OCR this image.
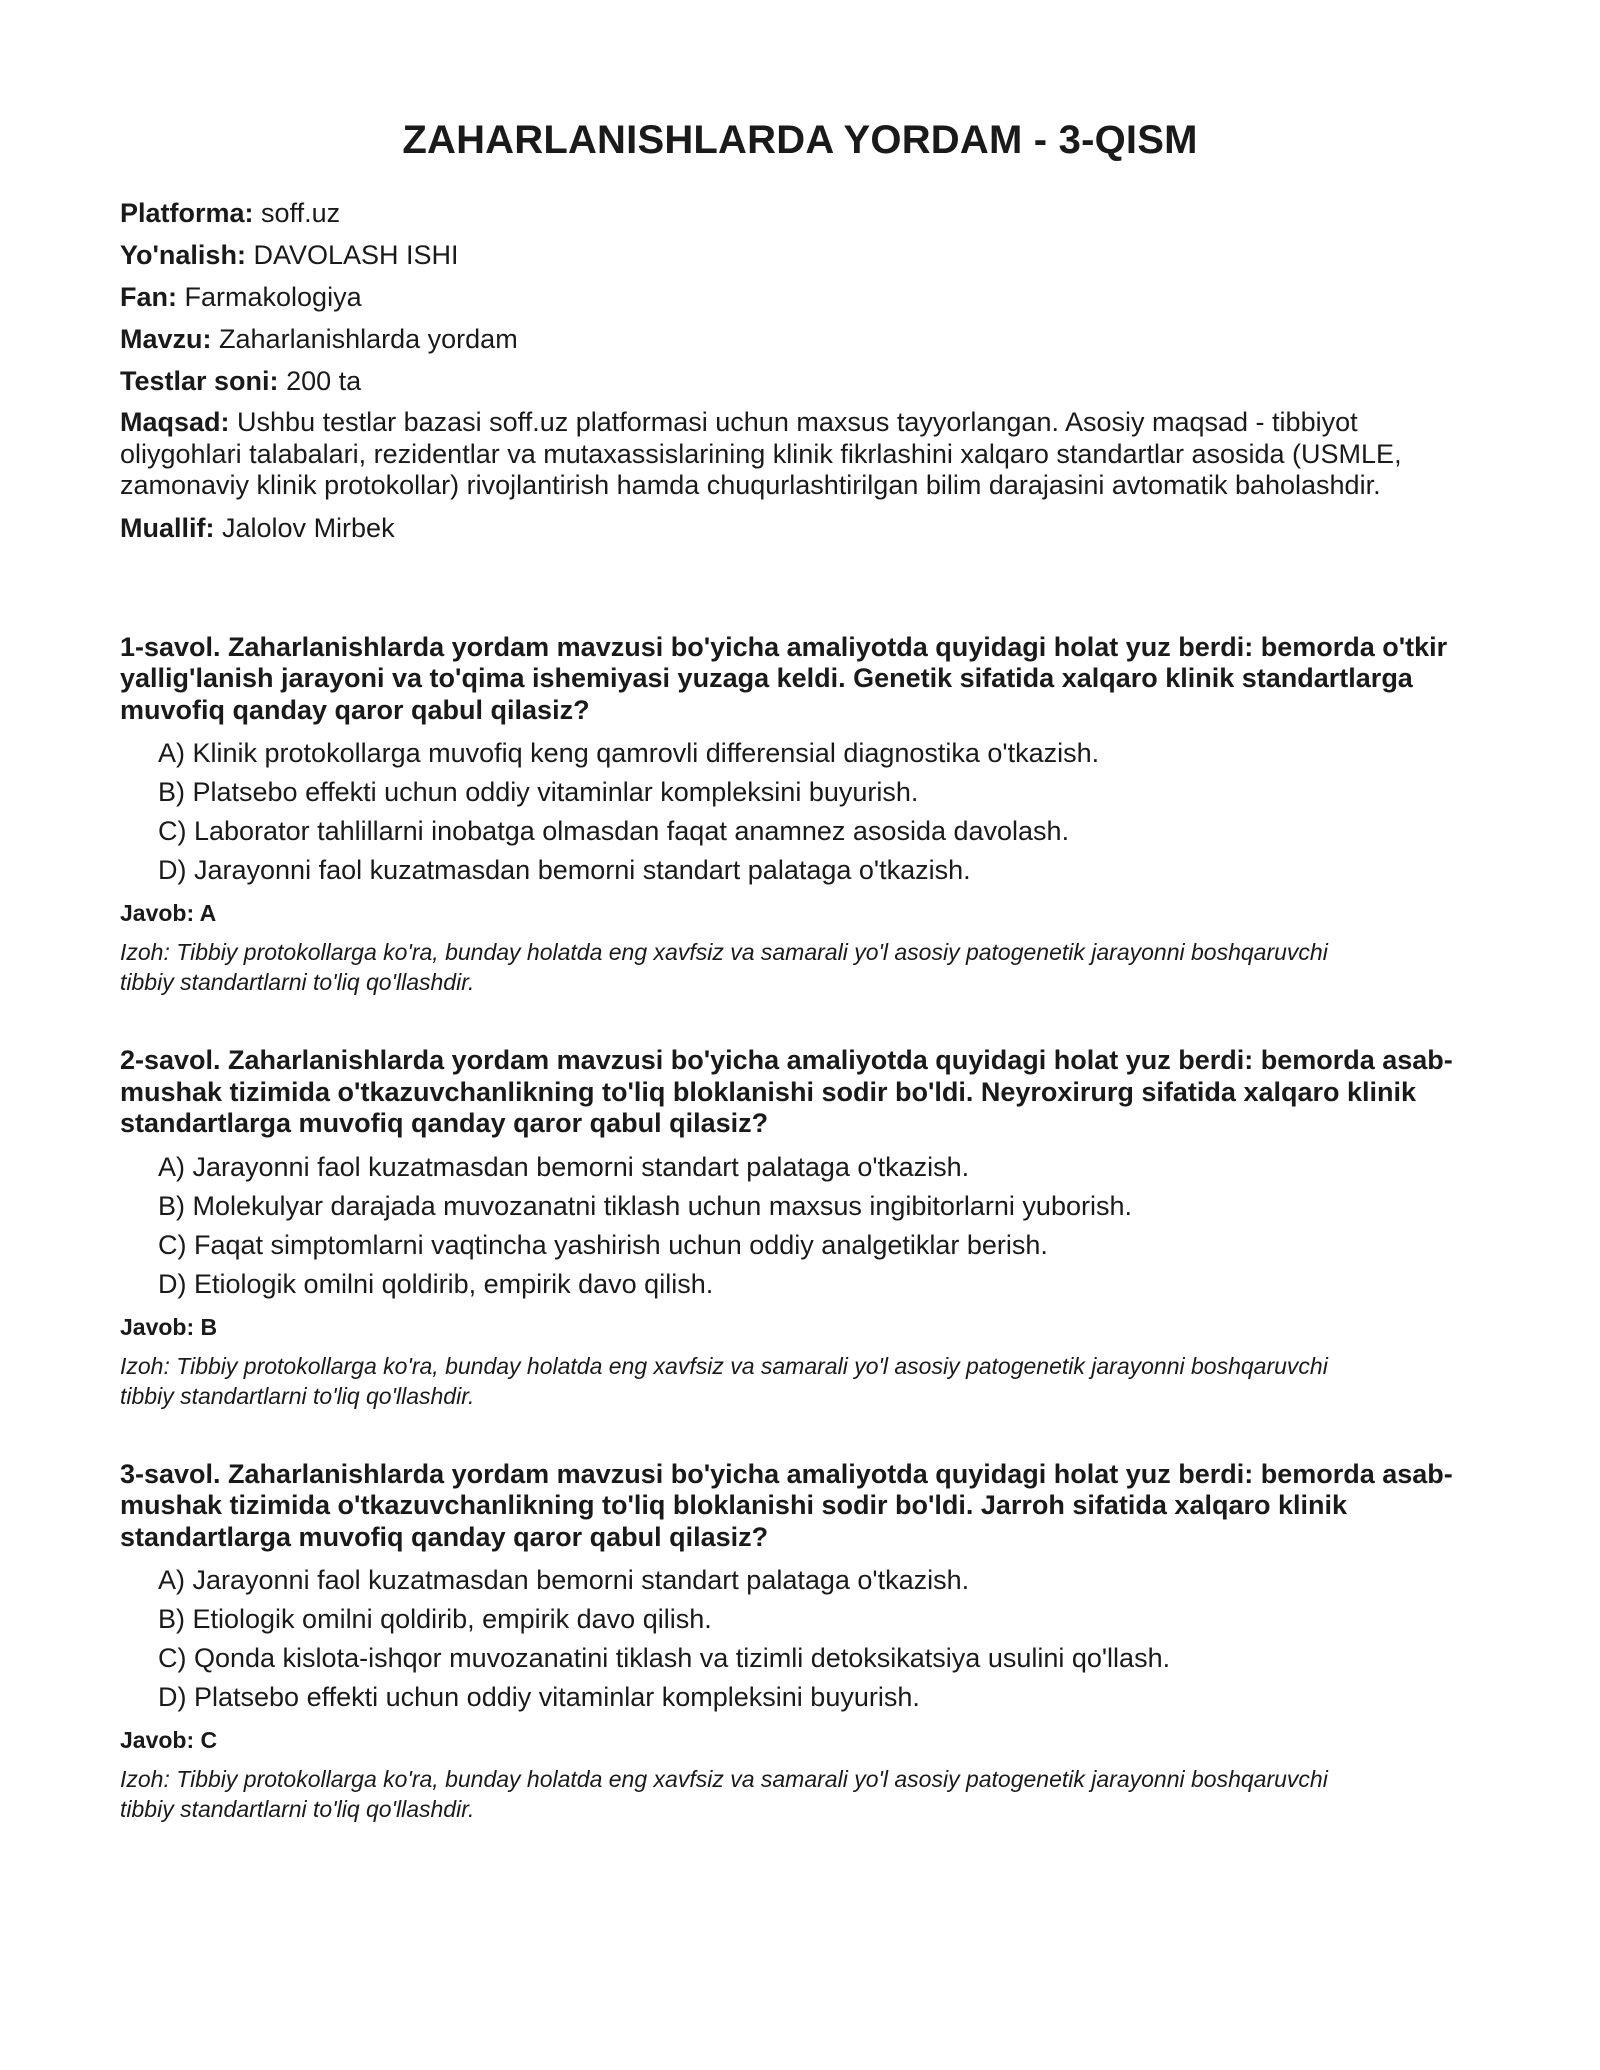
ZAHARLANISHLARDA YORDAM - 3-QISM

Platforma: soff.uz

Yo'nalish: DAVOLASH ISHI

Fan: Farmakologiya

Mavzu: Zaharlanishlarda yordam

Testlar soni: 200 ta

Maqsad: Ushbu testlar bazasi soff.uz platformasi uchun maxsus tayyorlangan. Asosiy maqsad - tibbiyot oliygohlari talabalari, rezidentlar va mutaxassislarining klinik fikrlashini xalqaro standartlar asosida (USMLE, zamonaviy klinik protokollar) rivojlantirish hamda chuqurlashtirilgan bilim darajasini avtomatik baholashdir.

Muallif: Jalolov Mirbek

1-savol. Zaharlanishlarda yordam mavzusi bo'yicha amaliyotda quyidagi holat yuz berdi: bemorda o'tkir yallig'lanish jarayoni va to'qima ishemiyasi yuzaga keldi. Genetik sifatida xalqaro klinik standartlarga muvofiq qanday qaror qabul qilasiz?

A) Klinik protokollarga muvofiq keng qamrovli differensial diagnostika o'tkazish.
B) Platsebo effekti uchun oddiy vitaminlar kompleksini buyurish.
C) Laborator tahlillarni inobatga olmasdan faqat anamnez asosida davolash.
D) Jarayonni faol kuzatmasdan bemorni standart palataga o'tkazish.

Javob: A

Izoh: Tibbiy protokollarga ko'ra, bunday holatda eng xavfsiz va samarali yo'l asosiy patogenetik jarayonni boshqaruvchi tibbiy standartlarni to'liq qo'llashdir.

2-savol. Zaharlanishlarda yordam mavzusi bo'yicha amaliyotda quyidagi holat yuz berdi: bemorda asab-mushak tizimida o'tkazuvchanlikning to'liq bloklanishi sodir bo'ldi. Neyroxirurg sifatida xalqaro klinik standartlarga muvofiq qanday qaror qabul qilasiz?

A) Jarayonni faol kuzatmasdan bemorni standart palataga o'tkazish.
B) Molekulyar darajada muvozanatni tiklash uchun maxsus ingibitorlarni yuborish.
C) Faqat simptomlarni vaqtincha yashirish uchun oddiy analgetiklar berish.
D) Etiologik omilni qoldirib, empirik davo qilish.

Javob: B

Izoh: Tibbiy protokollarga ko'ra, bunday holatda eng xavfsiz va samarali yo'l asosiy patogenetik jarayonni boshqaruvchi tibbiy standartlarni to'liq qo'llashdir.

3-savol. Zaharlanishlarda yordam mavzusi bo'yicha amaliyotda quyidagi holat yuz berdi: bemorda asab-mushak tizimida o'tkazuvchanlikning to'liq bloklanishi sodir bo'ldi. Jarroh sifatida xalqaro klinik standartlarga muvofiq qanday qaror qabul qilasiz?

A) Jarayonni faol kuzatmasdan bemorni standart palataga o'tkazish.
B) Etiologik omilni qoldirib, empirik davo qilish.
C) Qonda kislota-ishqor muvozanatini tiklash va tizimli detoksikatsiya usulini qo'llash.
D) Platsebo effekti uchun oddiy vitaminlar kompleksini buyurish.

Javob: C

Izoh: Tibbiy protokollarga ko'ra, bunday holatda eng xavfsiz va samarali yo'l asosiy patogenetik jarayonni boshqaruvchi tibbiy standartlarni to'liq qo'llashdir.
